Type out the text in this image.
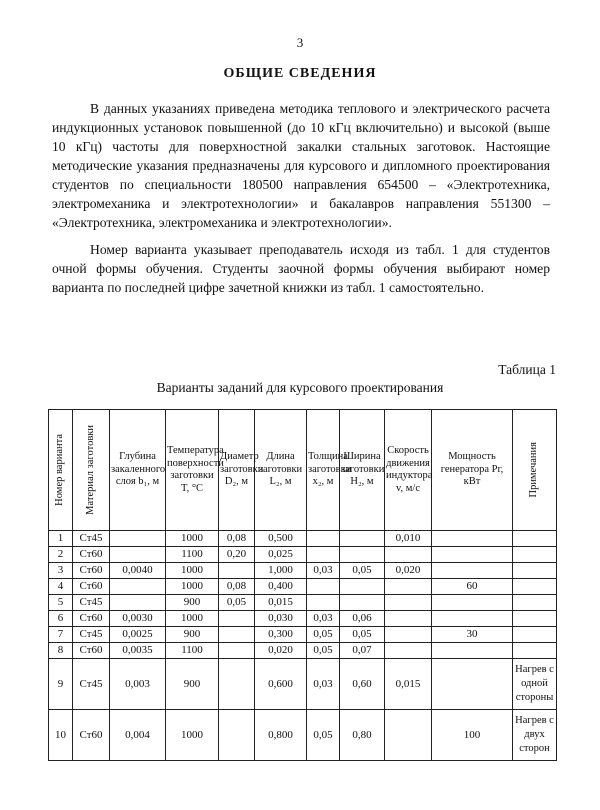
3
ОБЩИЕ СВЕДЕНИЯ

В данных указаниях приведена методика теплового и электрического расчета индукционных установок повышенной (до 10 кГц включительно) и высокой (выше 10 кГц) частоты для поверхностной закалки стальных заготовок. Настоящие методические указания предназначены для курсового и дипломного проектирования студентов по специальности 180500 направления 654500 – «Электротехника, электромеханика и электротехнологии» и бакалавров направления 551300 – «Электротехника, электромеханика и электротехнологии».

Номер варианта указывает преподаватель исходя из табл. 1 для студентов очной формы обучения. Студенты заочной формы обучения выбирают номер варианта по последней цифре зачетной книжки из табл. 1 самостоятельно.

Таблица 1
Варианты заданий для курсового проектирования
Номер варианта	Материал заготовки	Глубина закаленного слоя b₁, м	Температура поверхности заготовки T, °C	Диаметр заготовки D₂, м	Длина заготовки L₂, м	Толщина заготовки x₂, м	Ширина заготовки H₂, м	Скорость движения индуктора v, м/с	Мощность генератора Pг, кВт	Примечания

1	Ст45		1000	0,08	0,500			0,010		
2	Ст60		1100	0,20	0,025					
3	Ст60	0,0040	1000		1,000	0,03	0,05	0,020		
4	Ст60		1000	0,08	0,400				60	
5	Ст45		900	0,05	0,015					
6	Ст60	0,0030	1000		0,030	0,03	0,06			
7	Ст45	0,0025	900		0,300	0,05	0,05		30	
8	Ст60	0,0035	1100		0,020	0,05	0,07			
9	Ст45	0,003	900		0,600	0,03	0,60	0,015		Нагрев с одной стороны
10	Ст60	0,004	1000		0,800	0,05	0,80		100	Нагрев с двух сторон
